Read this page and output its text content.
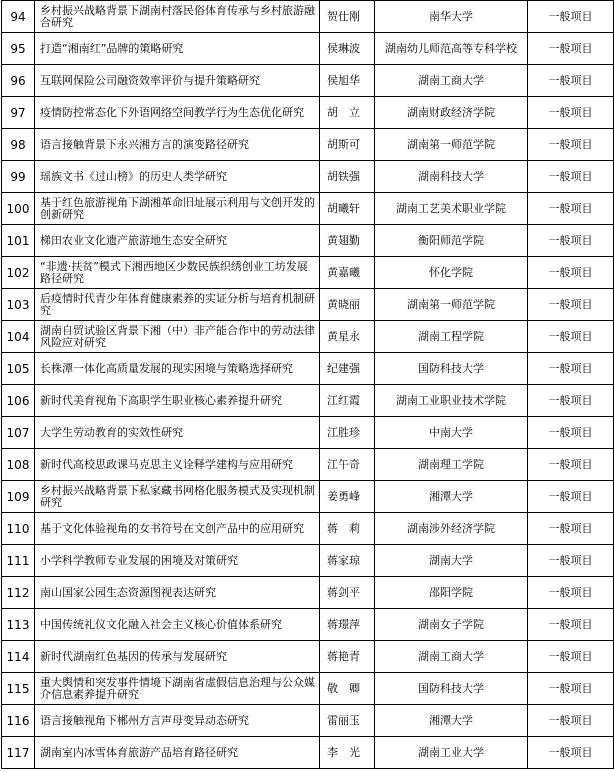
94	乡村振兴战略背景下湖南村落民俗体育传承与乡村旅游融合研究	贺仕刚	南华大学	一般项目
95	打造“湘南红”品牌的策略研究	侯琳波	湖南幼儿师范高等专科学校	一般项目
96	互联网保险公司融资效率评价与提升策略研究	侯旭华	湖南工商大学	一般项目
97	疫情防控常态化下外语网络空间教学行为生态优化研究	胡　立	湖南财政经济学院	一般项目
98	语言接触背景下永兴湘方言的演变路径研究	胡斯可	湖南第一师范学院	一般项目
99	瑶族文书《过山榜》的历史人类学研究	胡铁强	湖南科技大学	一般项目
100	基于红色旅游视角下湖湘革命旧址展示利用与文创开发的创新研究	胡曦轩	湖南工艺美术职业学院	一般项目
101	梯田农业文化遗产旅游地生态安全研究	黄翅勤	衡阳师范学院	一般项目
102	“非遗·扶贫”模式下湘西地区少数民族织绣创业工坊发展路径研究	黄嘉曦	怀化学院	一般项目
103	后疫情时代青少年体育健康素养的实证分析与培育机制研究	黄晓丽	湖南第一师范学院	一般项目
104	湖南自贸试验区背景下湘（中）非产能合作中的劳动法律风险应对研究	黄星永	湖南工程学院	一般项目
105	长株潭一体化高质量发展的现实困境与策略选择研究	纪建强	国防科技大学	一般项目
106	新时代美育视角下高职学生职业核心素养提升研究	江红霞	湖南工业职业技术学院	一般项目
107	大学生劳动教育的实效性研究	江胜珍	中南大学	一般项目
108	新时代高校思政课马克思主义诠释学建构与应用研究	江午奇	湖南理工学院	一般项目
109	乡村振兴战略背景下私家藏书网格化服务模式及实现机制研究	姜勇峰	湘潭大学	一般项目
110	基于文化体验视角的女书符号在文创产品中的应用研究	蒋　莉	湖南涉外经济学院	一般项目
111	小学科学教师专业发展的困境及对策研究	蒋家琼	湖南大学	一般项目
112	南山国家公园生态资源图视表达研究	蒋剑平	邵阳学院	一般项目
113	中国传统礼仪文化融入社会主义核心价值体系研究	蒋璟萍	湖南女子学院	一般项目
114	新时代湖南红色基因的传承与发展研究	蒋艳青	湖南工商大学	一般项目
115	重大舆情和突发事件情境下湖南省虚假信息治理与公众媒介信息素养提升研究	敬　卿	国防科技大学	一般项目
116	语言接触视角下郴州方言声母变异动态研究	雷丽玉	湘潭大学	一般项目
117	湖南室内冰雪体育旅游产品培育路径研究	李　光	湖南工业大学	一般项目
